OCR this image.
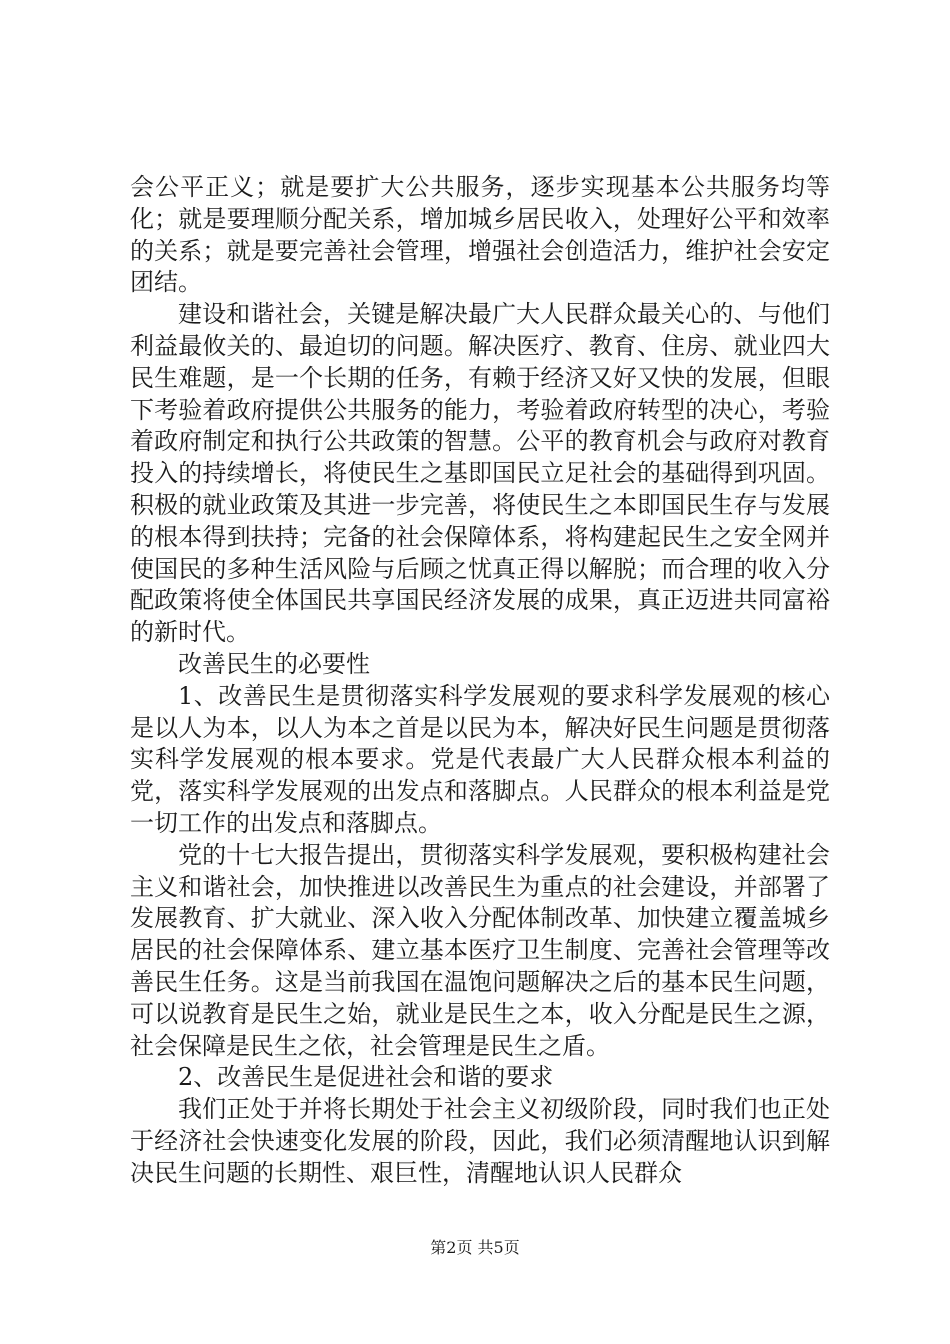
会公平正义；就是要扩大公共服务，逐步实现基本公共服务均等化；就是要理顺分配关系，增加城乡居民收入，处理好公平和效率的关系；就是要完善社会管理，增强社会创造活力，维护社会安定团结。

建设和谐社会，关键是解决最广大人民群众最关心的、与他们利益最攸关的、最迫切的问题。解决医疗、教育、住房、就业四大民生难题，是一个长期的任务，有赖于经济又好又快的发展，但眼下考验着政府提供公共服务的能力，考验着政府转型的决心，考验着政府制定和执行公共政策的智慧。公平的教育机会与政府对教育投入的持续增长，将使民生之基即国民立足社会的基础得到巩固。积极的就业政策及其进一步完善，将使民生之本即国民生存与发展的根本得到扶持；完备的社会保障体系，将构建起民生之安全网并使国民的多种生活风险与后顾之忧真正得以解脱；而合理的收入分配政策将使全体国民共享国民经济发展的成果，真正迈进共同富裕的新时代。

改善民生的必要性

1、改善民生是贯彻落实科学发展观的要求科学发展观的核心是以人为本，以人为本之首是以民为本，解决好民生问题是贯彻落实科学发展观的根本要求。党是代表最广大人民群众根本利益的党，落实科学发展观的出发点和落脚点。人民群众的根本利益是党一切工作的出发点和落脚点。

党的十七大报告提出，贯彻落实科学发展观，要积极构建社会主义和谐社会，加快推进以改善民生为重点的社会建设，并部署了发展教育、扩大就业、深入收入分配体制改革、加快建立覆盖城乡居民的社会保障体系、建立基本医疗卫生制度、完善社会管理等改善民生任务。这是当前我国在温饱问题解决之后的基本民生问题，可以说教育是民生之始，就业是民生之本，收入分配是民生之源，社会保障是民生之依，社会管理是民生之盾。

2、改善民生是促进社会和谐的要求

我们正处于并将长期处于社会主义初级阶段，同时我们也正处于经济社会快速变化发展的阶段，因此，我们必须清醒地认识到解决民生问题的长期性、艰巨性，清醒地认识人民群众

第2页 共5页
